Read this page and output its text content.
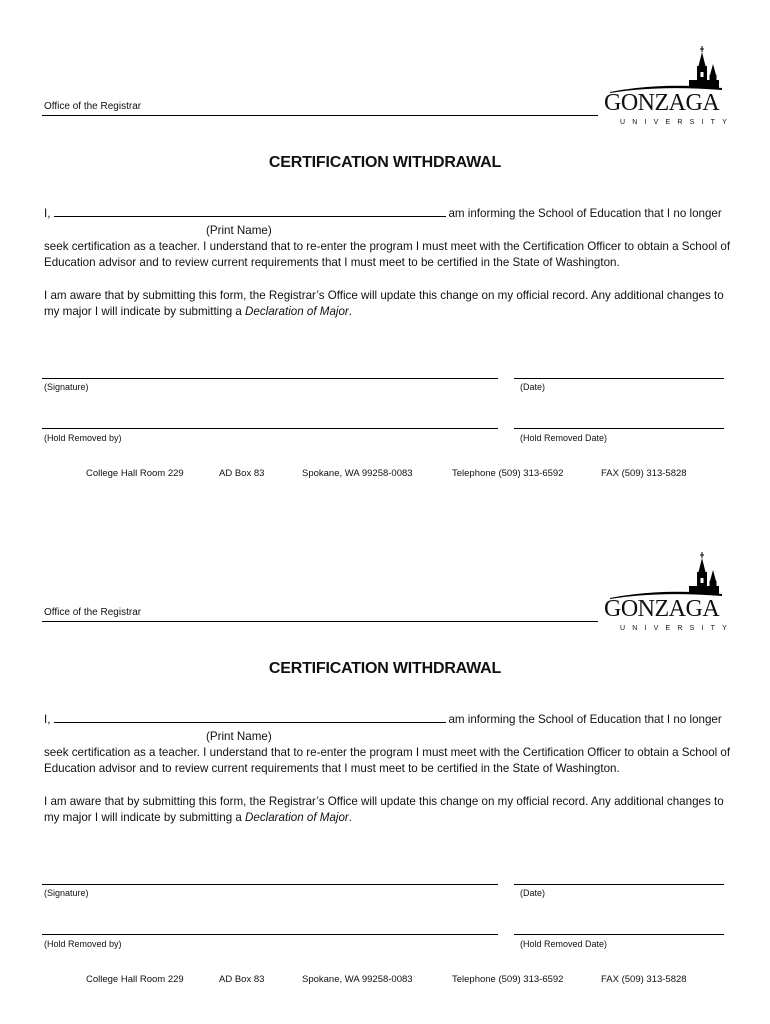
Office of the Registrar	GONZAGA
UNIVERSITY
CERTIFICATION WITHDRAWAL
I,	am informing the School of Education that I no longer
(Print Name)

seek certification as a teacher. I understand that to re-enter the program I must meet with the Certification Officer to obtain a School of Education advisor and to review current requirements that I must meet to be certified in the State of Washington.

I am aware that by submitting this form, the Registrar’s Office will update this change on my official record. Any additional changes to my major I will indicate by submitting a Declaration of Major.

(Signature)	(Date)
(Hold Removed by)	(Hold Removed Date)
College Hall Room 229	AD Box 83	Spokane, WA 99258-0083	Telephone (509) 313-6592	FAX (509) 313-5828
Office of the Registrar	GONZAGA
UNIVERSITY
CERTIFICATION WITHDRAWAL
I,	am informing the School of Education that I no longer
(Print Name)

seek certification as a teacher. I understand that to re-enter the program I must meet with the Certification Officer to obtain a School of Education advisor and to review current requirements that I must meet to be certified in the State of Washington.

I am aware that by submitting this form, the Registrar’s Office will update this change on my official record. Any additional changes to my major I will indicate by submitting a Declaration of Major.

(Signature)	(Date)
(Hold Removed by)	(Hold Removed Date)
College Hall Room 229	AD Box 83	Spokane, WA 99258-0083	Telephone (509) 313-6592	FAX (509) 313-5828
